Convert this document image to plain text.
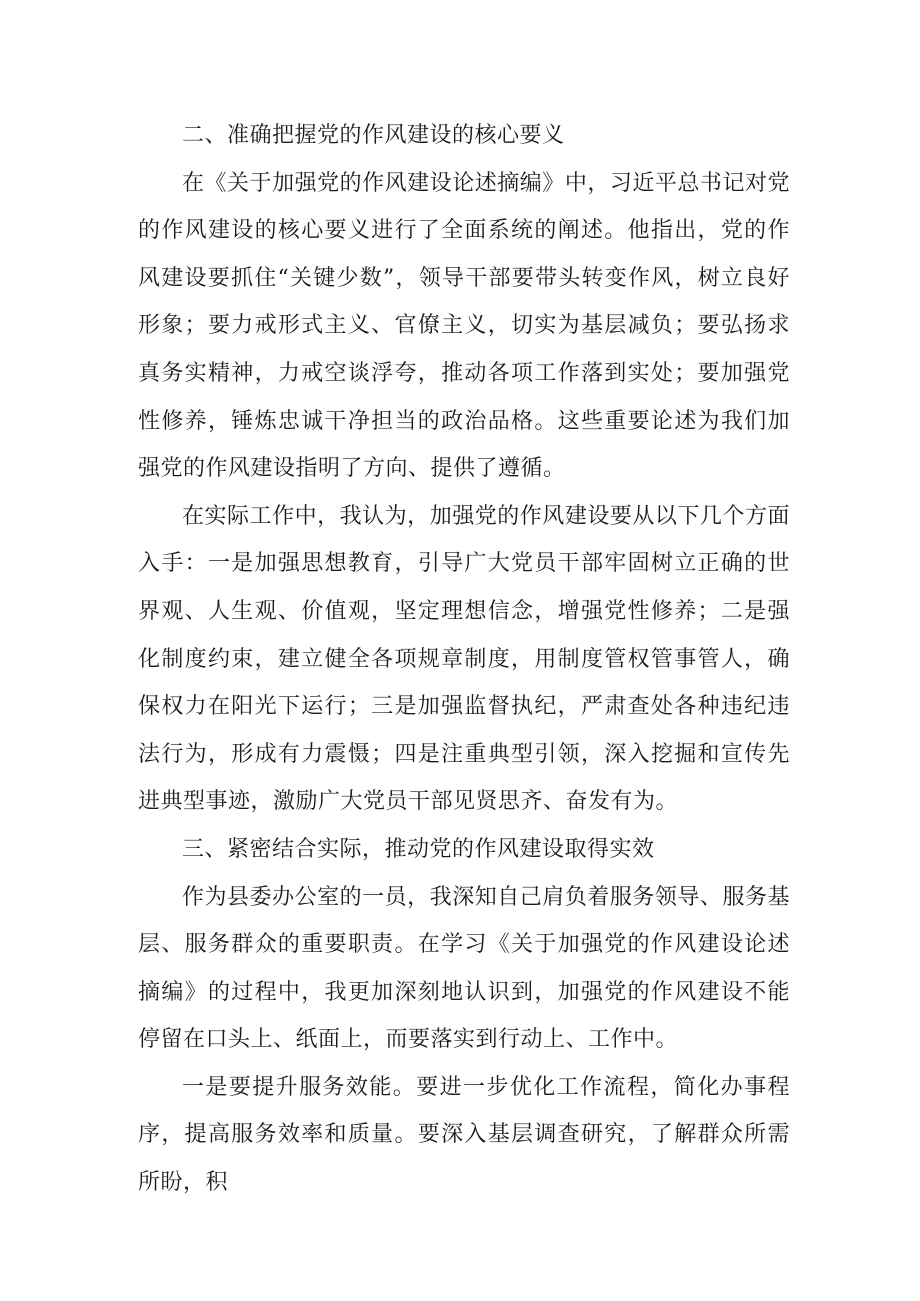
二、准确把握党的作风建设的核心要义

在《关于加强党的作风建设论述摘编》中，习近平总书记对党的作风建设的核心要义进行了全面系统的阐述。他指出，党的作风建设要抓住“关键少数”，领导干部要带头转变作风，树立良好形象；要力戒形式主义、官僚主义，切实为基层减负；要弘扬求真务实精神，力戒空谈浮夸，推动各项工作落到实处；要加强党性修养，锤炼忠诚干净担当的政治品格。这些重要论述为我们加强党的作风建设指明了方向、提供了遵循。

在实际工作中，我认为，加强党的作风建设要从以下几个方面入手：一是加强思想教育，引导广大党员干部牢固树立正确的世界观、人生观、价值观，坚定理想信念，增强党性修养；二是强化制度约束，建立健全各项规章制度，用制度管权管事管人，确保权力在阳光下运行；三是加强监督执纪，严肃查处各种违纪违法行为，形成有力震慑；四是注重典型引领，深入挖掘和宣传先进典型事迹，激励广大党员干部见贤思齐、奋发有为。

三、紧密结合实际，推动党的作风建设取得实效

作为县委办公室的一员，我深知自己肩负着服务领导、服务基层、服务群众的重要职责。在学习《关于加强党的作风建设论述摘编》的过程中，我更加深刻地认识到，加强党的作风建设不能停留在口头上、纸面上，而要落实到行动上、工作中。

一是要提升服务效能。要进一步优化工作流程，简化办事程序，提高服务效率和质量。要深入基层调查研究，了解群众所需所盼，积
